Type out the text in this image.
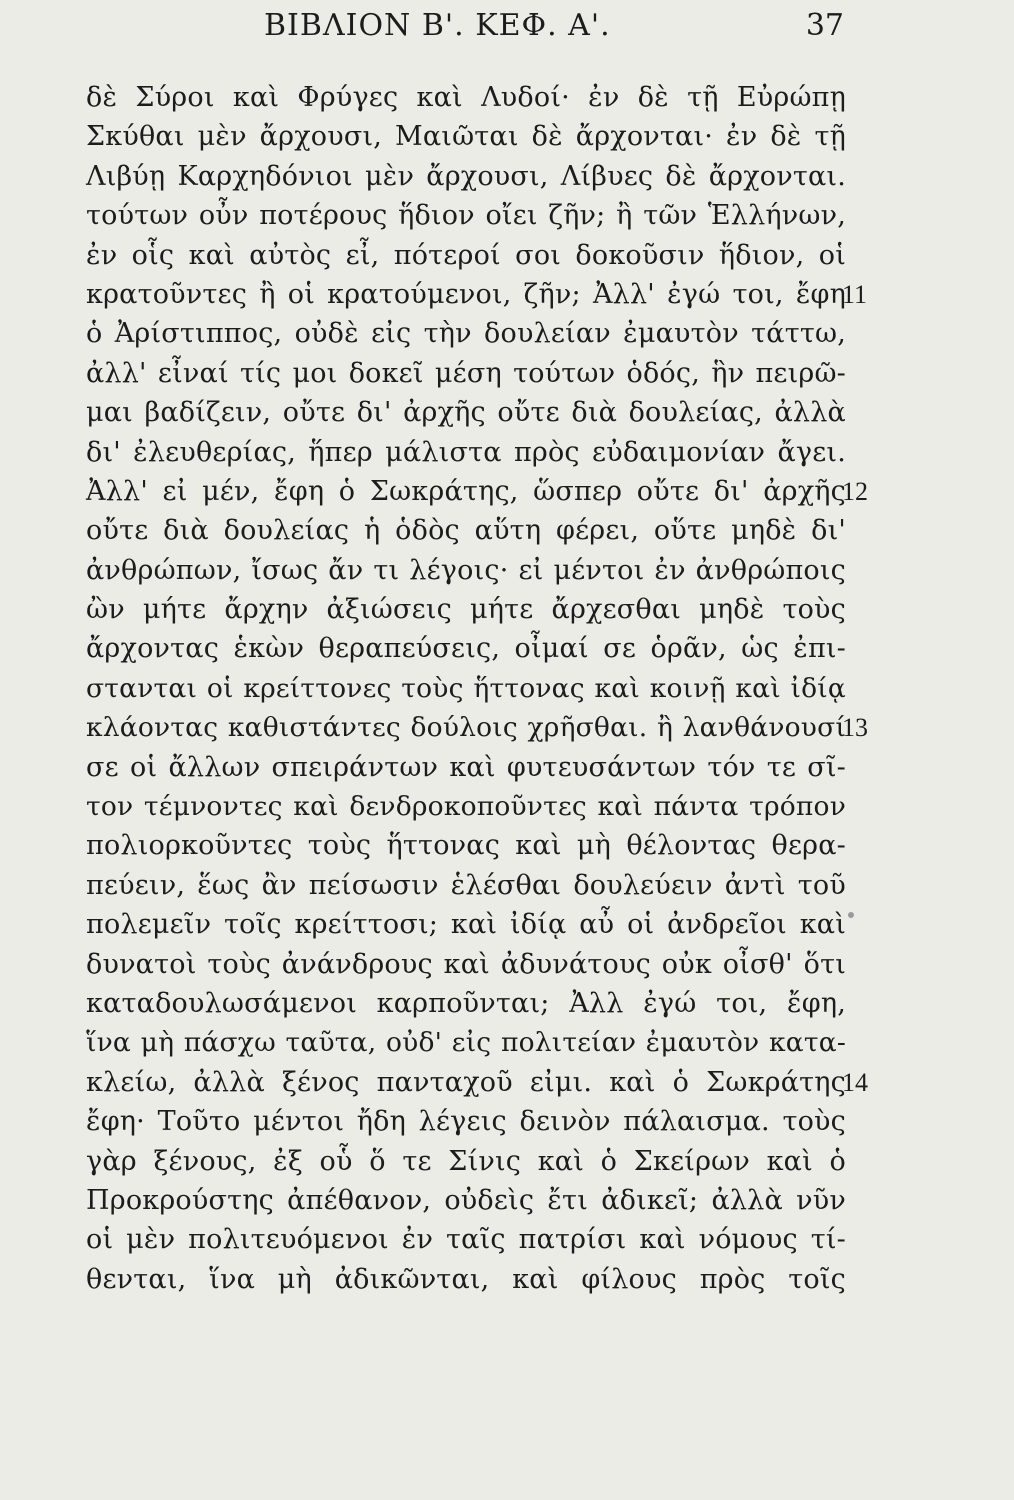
ΒΙΒΛΙΟΝ Β'. ΚΕΦ. Α'.	37
δὲ Σύροι καὶ Φρύγες καὶ Λυδοί· ἐν δὲ τῇ Εὐρώπῃ
Σκύθαι μὲν ἄρχουσι, Μαιῶται δὲ ἄρχονται· ἐν δὲ τῇ
Λιβύῃ Καρχηδόνιοι μὲν ἄρχουσι, Λίβυες δὲ ἄρχονται.
τούτων οὖν ποτέρους ἥδιον οἴει ζῆν; ἢ τῶν Ἑλλήνων,
ἐν οἷς καὶ αὐτὸς εἶ, πότεροί σοι δοκοῦσιν ἥδιον, οἱ
κρατοῦντες ἢ οἱ κρατούμενοι, ζῆν; Ἀλλ' ἐγώ τοι, ἔφη
ὁ Ἀρίστιππος, οὐδὲ εἰς τὴν δουλείαν ἐμαυτὸν τάττω,
ἀλλ' εἶναί τίς μοι δοκεῖ μέση τούτων ὁδός, ἣν πειρῶ-
μαι βαδίζειν, οὔτε δι' ἀρχῆς οὔτε διὰ δουλείας, ἀλλὰ
δι' ἐλευθερίας, ἥπερ μάλιστα πρὸς εὐδαιμονίαν ἄγει.
Ἀλλ' εἰ μέν, ἔφη ὁ Σωκράτης, ὥσπερ οὔτε δι' ἀρχῆς
οὔτε διὰ δουλείας ἡ ὁδὸς αὕτη φέρει, οὕτε μηδὲ δι'
ἀνθρώπων, ἴσως ἄν τι λέγοις· εἰ μέντοι ἐν ἀνθρώποις
ὢν μήτε ἄρχην ἀξιώσεις μήτε ἄρχεσθαι μηδὲ τοὺς
ἄρχοντας ἑκὼν θεραπεύσεις, οἶμαί σε ὁρᾶν, ὡς ἐπι-
στανται οἱ κρείττονες τοὺς ἥττονας καὶ κοινῇ καὶ ἰδίᾳ
κλάοντας καθιστάντες δούλοις χρῆσθαι. ἢ λανθάνουσί
σε οἱ ἄλλων σπειράντων καὶ φυτευσάντων τόν τε σῖ-
τον τέμνοντες καὶ δενδροκοποῦντες καὶ πάντα τρόπον
πολιορκοῦντες τοὺς ἥττονας καὶ μὴ θέλοντας θερα-
πεύειν, ἕως ἂν πείσωσιν ἑλέσθαι δουλεύειν ἀντὶ τοῦ
πολεμεῖν τοῖς κρείττοσι; καὶ ἰδίᾳ αὖ οἱ ἀνδρεῖοι καὶ
δυνατοὶ τοὺς ἀνάνδρους καὶ ἀδυνάτους οὐκ οἶσθ' ὅτι
καταδουλωσάμενοι καρποῦνται; Ἀλλ ἐγώ τοι, ἔφη,
ἵνα μὴ πάσχω ταῦτα, οὐδ' εἰς πολιτείαν ἐμαυτὸν κατα-
κλείω, ἀλλὰ ξένος πανταχοῦ εἰμι. καὶ ὁ Σωκράτης
ἔφη· Τοῦτο μέντοι ἤδη λέγεις δεινὸν πάλαισμα. τοὺς
γὰρ ξένους, ἐξ οὗ ὅ τε Σίνις καὶ ὁ Σκείρων καὶ ὁ
Προκρούστης ἀπέθανον, οὐδεὶς ἔτι ἀδικεῖ; ἀλλὰ νῦν
οἱ μὲν πολιτευόμενοι ἐν ταῖς πατρίσι καὶ νόμους τί-
θενται, ἵνα μὴ ἀδικῶνται, καὶ φίλους πρὸς τοῖς
11
12
13
14
